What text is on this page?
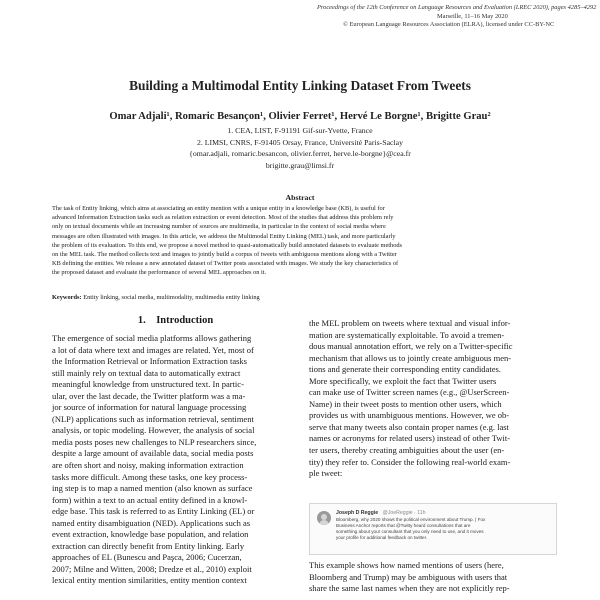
Proceedings of the 12th Conference on Language Resources and Evaluation (LREC 2020), pages 4285–4292
Marseille, 11–16 May 2020
© European Language Resources Association (ELRA), licensed under CC-BY-NC
Building a Multimodal Entity Linking Dataset From Tweets
Omar Adjali¹, Romaric Besançon¹, Olivier Ferret¹, Hervé Le Borgne¹, Brigitte Grau²
1. CEA, LIST, F-91191 Gif-sur-Yvette, France
2. LIMSI, CNRS, F-91405 Orsay, France, Université Paris-Saclay
{omar.adjali, romaric.besancon, olivier.ferret, herve.le-borgne}@cea.fr
brigitte.grau@limsi.fr
Abstract
The task of Entity linking, which aims at associating an entity mention with a unique entity in a knowledge base (KB), is useful for
advanced Information Extraction tasks such as relation extraction or event detection. Most of the studies that address this problem rely
only on textual documents while an increasing number of sources are multimedia, in particular in the context of social media where
messages are often illustrated with images. In this article, we address the Multimodal Entity Linking (MEL) task, and more particularly
the problem of its evaluation. To this end, we propose a novel method to quasi-automatically build annotated datasets to evaluate methods
on the MEL task. The method collects text and images to jointly build a corpus of tweets with ambiguous mentions along with a Twitter
KB defining the entities. We release a new annotated dataset of Twitter posts associated with images. We study the key characteristics of
the proposed dataset and evaluate the performance of several MEL approaches on it.
Keywords: Entity linking, social media, multimodality, multimedia entity linking
1. Introduction
The emergence of social media platforms allows gathering
a lot of data where text and images are related. Yet, most of
the Information Retrieval or Information Extraction tasks
still mainly rely on textual data to automatically extract
meaningful knowledge from unstructured text. In partic-
ular, over the last decade, the Twitter platform was a ma-
jor source of information for natural language processing
(NLP) applications such as information retrieval, sentiment
analysis, or topic modeling. However, the analysis of social
media posts poses new challenges to NLP researchers since,
despite a large amount of available data, social media posts
are often short and noisy, making information extraction
tasks more difficult. Among these tasks, one key process-
ing step is to map a named mention (also known as surface
form) within a text to an actual entity defined in a knowl-
edge base. This task is referred to as Entity Linking (EL) or
named entity disambiguation (NED). Applications such as
event extraction, knowledge base population, and relation
extraction can directly benefit from Entity linking. Early
approaches of EL (Bunescu and Paşca, 2006; Cucerzan,
2007; Milne and Witten, 2008; Dredze et al., 2010) exploit
lexical entity mention similarities, entity mention context
the MEL problem on tweets where textual and visual infor-
mation are systematically exploitable. To avoid a tremen-
dous manual annotation effort, we rely on a Twitter-specific
mechanism that allows us to jointly create ambiguous men-
tions and generate their corresponding entity candidates.
More specifically, we exploit the fact that Twitter users
can make use of Twitter screen names (e.g., @UserScreen-
Name) in their tweet posts to mention other users, which
provides us with unambiguous mentions. However, we ob-
serve that many tweets also contain proper names (e.g. last
names or acronyms for related users) instead of other Twit-
ter users, thereby creating ambiguities about the user (en-
tity) they refer to. Consider the following real-world exam-
ple tweet:
Joseph D Reggie @JoeReggie · 11h
Bloomberg, why 2020 shows the political environment about Trump. | Fox
Business Anchor reports that @Twitty heard consultations that are
something about your consultant that you only need to use, and it moves
your profile for additional feedback on twitter.
This example shows how named mentions of users (here,
Bloomberg and Trump) may be ambiguous with users that
share the same last names when they are not explicitly rep-
